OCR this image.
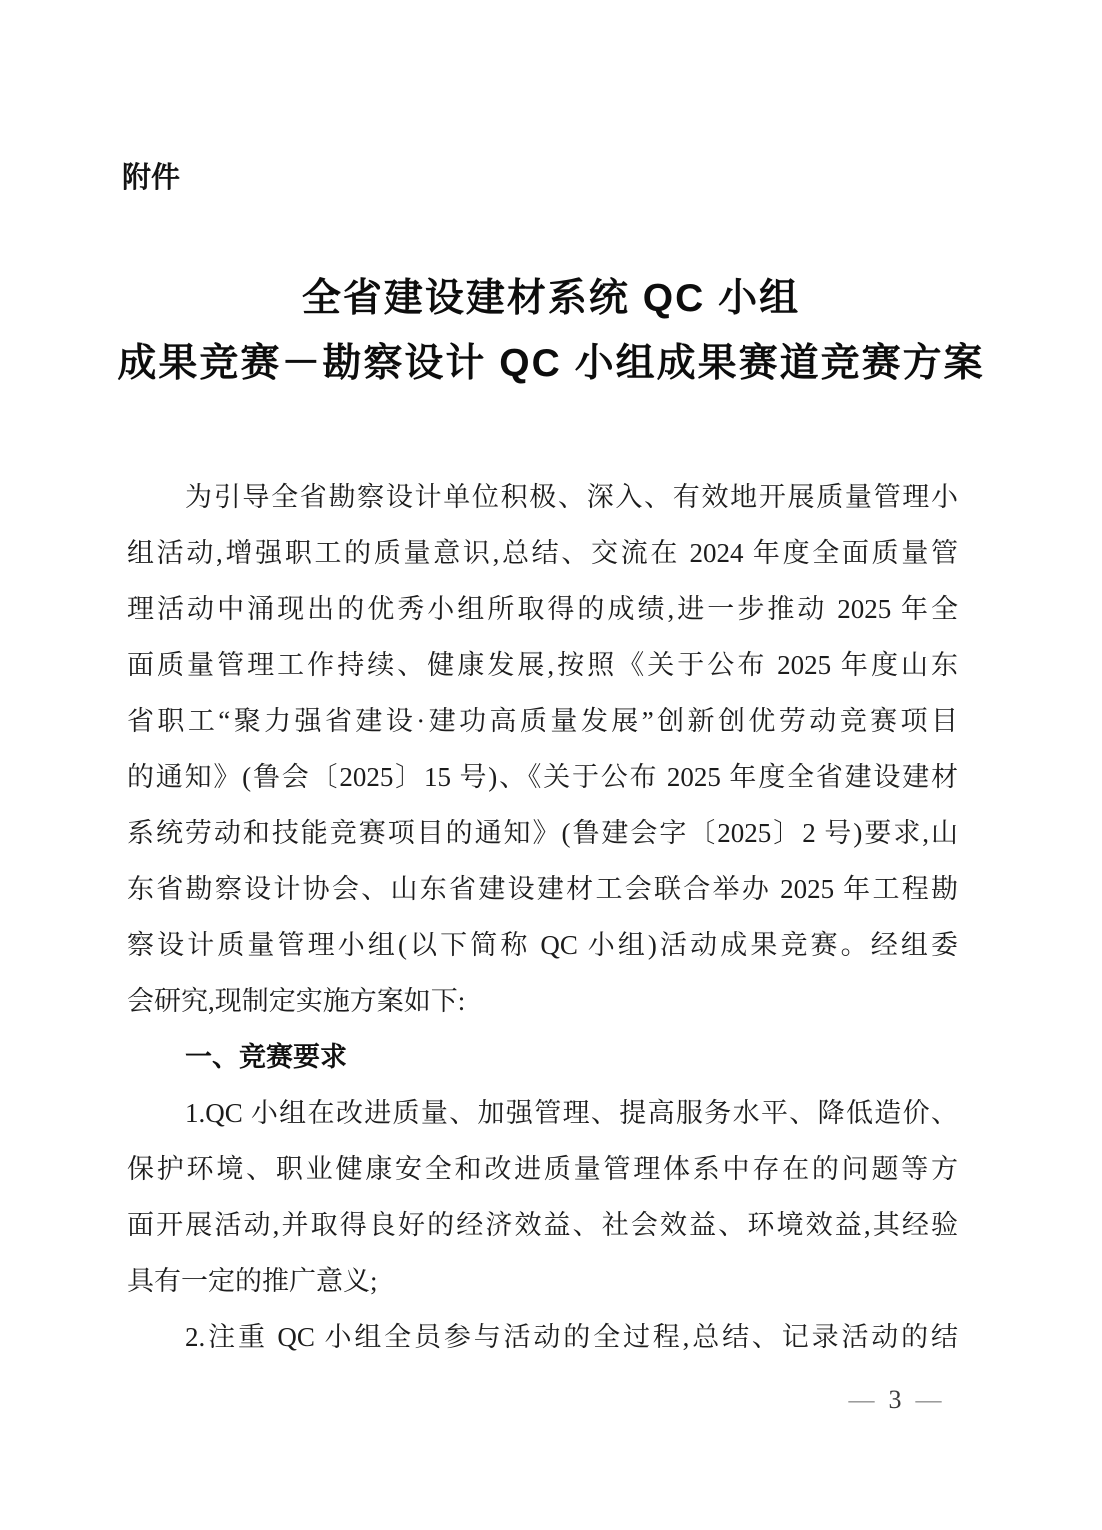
附件
全省建设建材系统 QC 小组
成果竞赛－勘察设计 QC 小组成果赛道竞赛方案
为引导全省勘察设计单位积极、深入、有效地开展质量管理小
组活动,增强职工的质量意识,总结、交流在 2024 年度全面质量管
理活动中涌现出的优秀小组所取得的成绩,进一步推动 2025 年全
面质量管理工作持续、健康发展,按照《关于公布 2025 年度山东
省职工“聚力强省建设·建功高质量发展”创新创优劳动竞赛项目
的通知》(鲁会〔2025〕15 号)、《关于公布 2025 年度全省建设建材
系统劳动和技能竞赛项目的通知》(鲁建会字〔2025〕2 号)要求,山
东省勘察设计协会、山东省建设建材工会联合举办 2025 年工程勘
察设计质量管理小组(以下简称 QC 小组)活动成果竞赛。经组委
会研究,现制定实施方案如下:
一、竞赛要求
1.QC 小组在改进质量、加强管理、提高服务水平、降低造价、
保护环境、职业健康安全和改进质量管理体系中存在的问题等方
面开展活动,并取得良好的经济效益、社会效益、环境效益,其经验
具有一定的推广意义;
2.注重 QC 小组全员参与活动的全过程,总结、记录活动的结
— 3 —
